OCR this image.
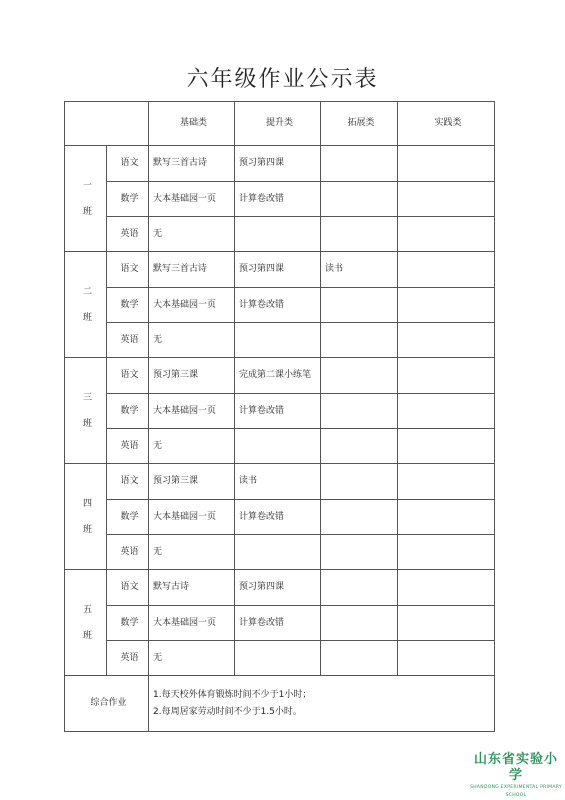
六年级作业公示表
		基础类	提升类	拓展类	实践类
一班	语文	默写三首古诗	预习第四课		
	数学	大本基础园一页	计算卷改错		
	英语	无			
二班	语文	默写三首古诗	预习第四课	读书	
	数学	大本基础园一页	计算卷改错		
	英语	无			
三班	语文	预习第三课	完成第二课小练笔		
	数学	大本基础园一页	计算卷改错		
	英语	无			
四班	语文	预习第三课	读书		
	数学	大本基础园一页	计算卷改错		
	英语	无			
五班	语文	默写古诗	预习第四课		
	数学	大本基础园一页	计算卷改错		
	英语	无			
综合作业		1.每天校外体育锻炼时间不少于1小时；
2.每周居家劳动时间不少于1.5小时。			
山东省实验小学
SHANDONG EXPERIMENTAL PRIMARY SCHOOL
